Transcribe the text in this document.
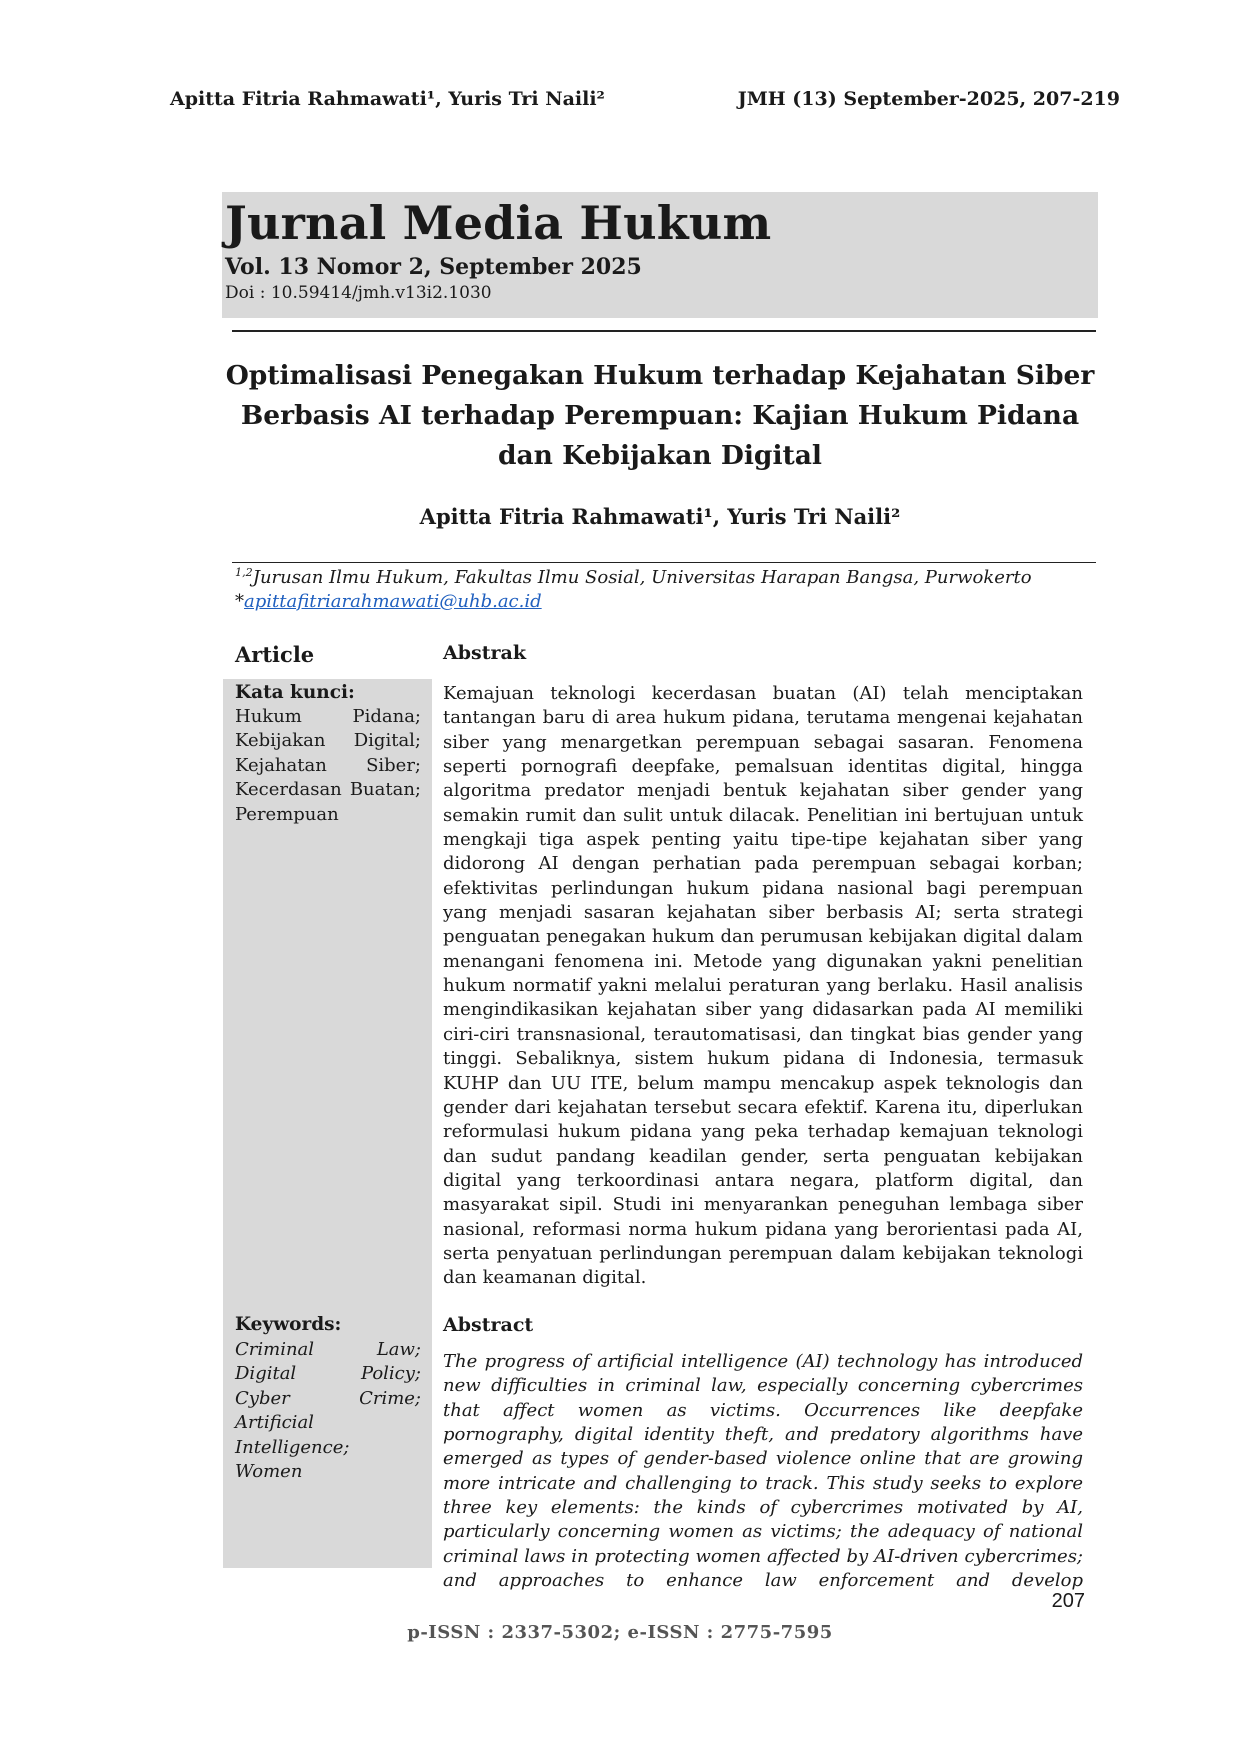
Apitta Fitria Rahmawati¹, Yuris Tri Naili²	JMH (13) September-2025, 207-219
Jurnal Media Hukum
Vol. 13 Nomor 2, September 2025
Doi : 10.59414/jmh.v13i2.1030
Optimalisasi Penegakan Hukum terhadap Kejahatan Siber Berbasis AI terhadap Perempuan: Kajian Hukum Pidana dan Kebijakan Digital
Apitta Fitria Rahmawati¹, Yuris Tri Naili²
$^{1,2}$Jurusan Ilmu Hukum, Fakultas Ilmu Sosial, Universitas Harapan Bangsa, Purwokerto
*apittafitriarahmawati@uhb.ac.id
Article	Abstrak
Kata kunci:
Hukum Pidana; Kebijakan Digital; Kejahatan Siber; Kecerdasan Buatan; Perempuan
Keywords:
Criminal Law; Digital Policy; Cyber Crime; Artificial Intelligence; Women
Kemajuan teknologi kecerdasan buatan (AI) telah menciptakan tantangan baru di area hukum pidana, terutama mengenai kejahatan siber yang menargetkan perempuan sebagai sasaran. Fenomena seperti pornografi deepfake, pemalsuan identitas digital, hingga algoritma predator menjadi bentuk kejahatan siber gender yang semakin rumit dan sulit untuk dilacak. Penelitian ini bertujuan untuk mengkaji tiga aspek penting yaitu tipe-tipe kejahatan siber yang didorong AI dengan perhatian pada perempuan sebagai korban; efektivitas perlindungan hukum pidana nasional bagi perempuan yang menjadi sasaran kejahatan siber berbasis AI; serta strategi penguatan penegakan hukum dan perumusan kebijakan digital dalam menangani fenomena ini. Metode yang digunakan yakni penelitian hukum normatif yakni melalui peraturan yang berlaku. Hasil analisis mengindikasikan kejahatan siber yang didasarkan pada AI memiliki ciri-ciri transnasional, terautomatisasi, dan tingkat bias gender yang tinggi. Sebaliknya, sistem hukum pidana di Indonesia, termasuk KUHP dan UU ITE, belum mampu mencakup aspek teknologis dan gender dari kejahatan tersebut secara efektif. Karena itu, diperlukan reformulasi hukum pidana yang peka terhadap kemajuan teknologi dan sudut pandang keadilan gender, serta penguatan kebijakan digital yang terkoordinasi antara negara, platform digital, dan masyarakat sipil. Studi ini menyarankan peneguhan lembaga siber nasional, reformasi norma hukum pidana yang berorientasi pada AI, serta penyatuan perlindungan perempuan dalam kebijakan teknologi dan keamanan digital.
Abstract
The progress of artificial intelligence (AI) technology has introduced new difficulties in criminal law, especially concerning cybercrimes that affect women as victims. Occurrences like deepfake pornography, digital identity theft, and predatory algorithms have emerged as types of gender-based violence online that are growing more intricate and challenging to track. This study seeks to explore three key elements: the kinds of cybercrimes motivated by AI, particularly concerning women as victims; the adequacy of national criminal laws in protecting women affected by AI-driven cybercrimes; and approaches to enhance law enforcement and develop
207
p-ISSN : 2337-5302; e-ISSN : 2775-7595
